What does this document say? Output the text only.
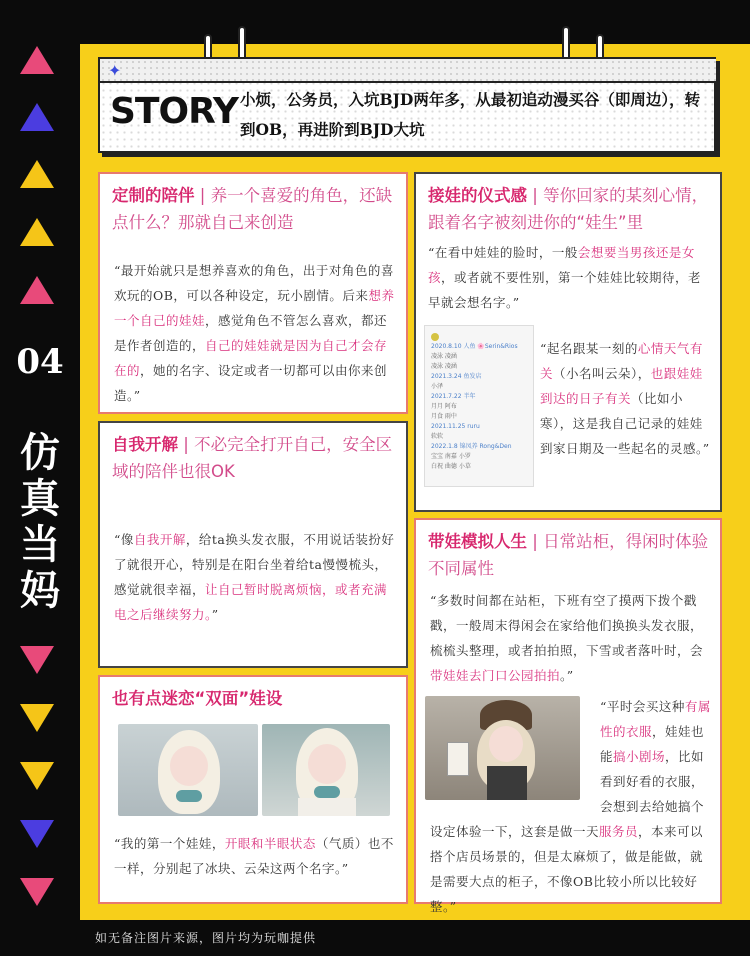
04
仿
真
当
妈
✦
STORY 小烦，公务员，入坑BJD两年多，从最初追动漫买谷（即周边），转到OB，再进阶到BJD大坑
定制的陪伴 | 养一个喜爱的角色，还缺点什么？那就自己来创造
“最开始就只是想养喜欢的角色，出于对角色的喜欢玩的OB，可以各种设定，玩小剧情。后来想养一个自己的娃娃，感觉角色不管怎么喜欢，都还是作者创造的，自己的娃娃就是因为自己才会存在的，她的名字、设定或者一切都可以由你来创造。”
接娃的仪式感 | 等你回家的某刻心情，跟着名字被刻进你的“娃生”里
“在看中娃娃的脸时，一般会想要当男孩还是女孩，或者就不要性别，第一个娃娃比较期待，老早就会想名字。”
“起名跟某一刻的心情天气有关（小名叫云朵），也跟娃娃到达的日子有关（比如小寒），这是我自己记录的娃娃到家日期及一些起名的灵感。”
2020.8.10 人鱼 🌸Serin&Rios
凌泳 凌涵
凌泳 凌涵
2021.3.24 鱼发店
小泽
2021.7.22 半年
月月 阿布
月食 雨中
2021.11.25 ruru
软软
2022.1.8 锦凤养 Rong&Den
宝宝 南嘉 小罗
白祝 曲德 小草
自我开解 | 不必完全打开自己，安全区域的陪伴也很OK
“像自我开解，给ta换头发衣服，不用说话装扮好了就很开心，特别是在阳台坐着给ta慢慢梳头，感觉就很幸福，让自己暂时脱离烦恼，或者充满电之后继续努力。”
带娃模拟人生 | 日常站柜，得闲时体验不同属性
“多数时间都在站柜，下班有空了摸两下拨个戳戳，一般周末得闲会在家给他们换换头发衣服，梳梳头整理，或者拍拍照，下雪或者落叶时，会带娃娃去门口公园拍拍。”
“平时会买这种有属性的衣服，娃娃也能搞小剧场，比如看到好看的衣服，会想到去给她搞个设定体验一下，这套是做一天服务员，本来可以搭个店员场景的，但是太麻烦了，做是能做，就是需要大点的柜子，不像OB比较小所以比较好整。”
也有点迷恋“双面”娃设
“我的第一个娃娃，开眼和半眼状态（气质）也不一样，分别起了冰块、云朵这两个名字。”
如无备注图片来源，图片均为玩咖提供
